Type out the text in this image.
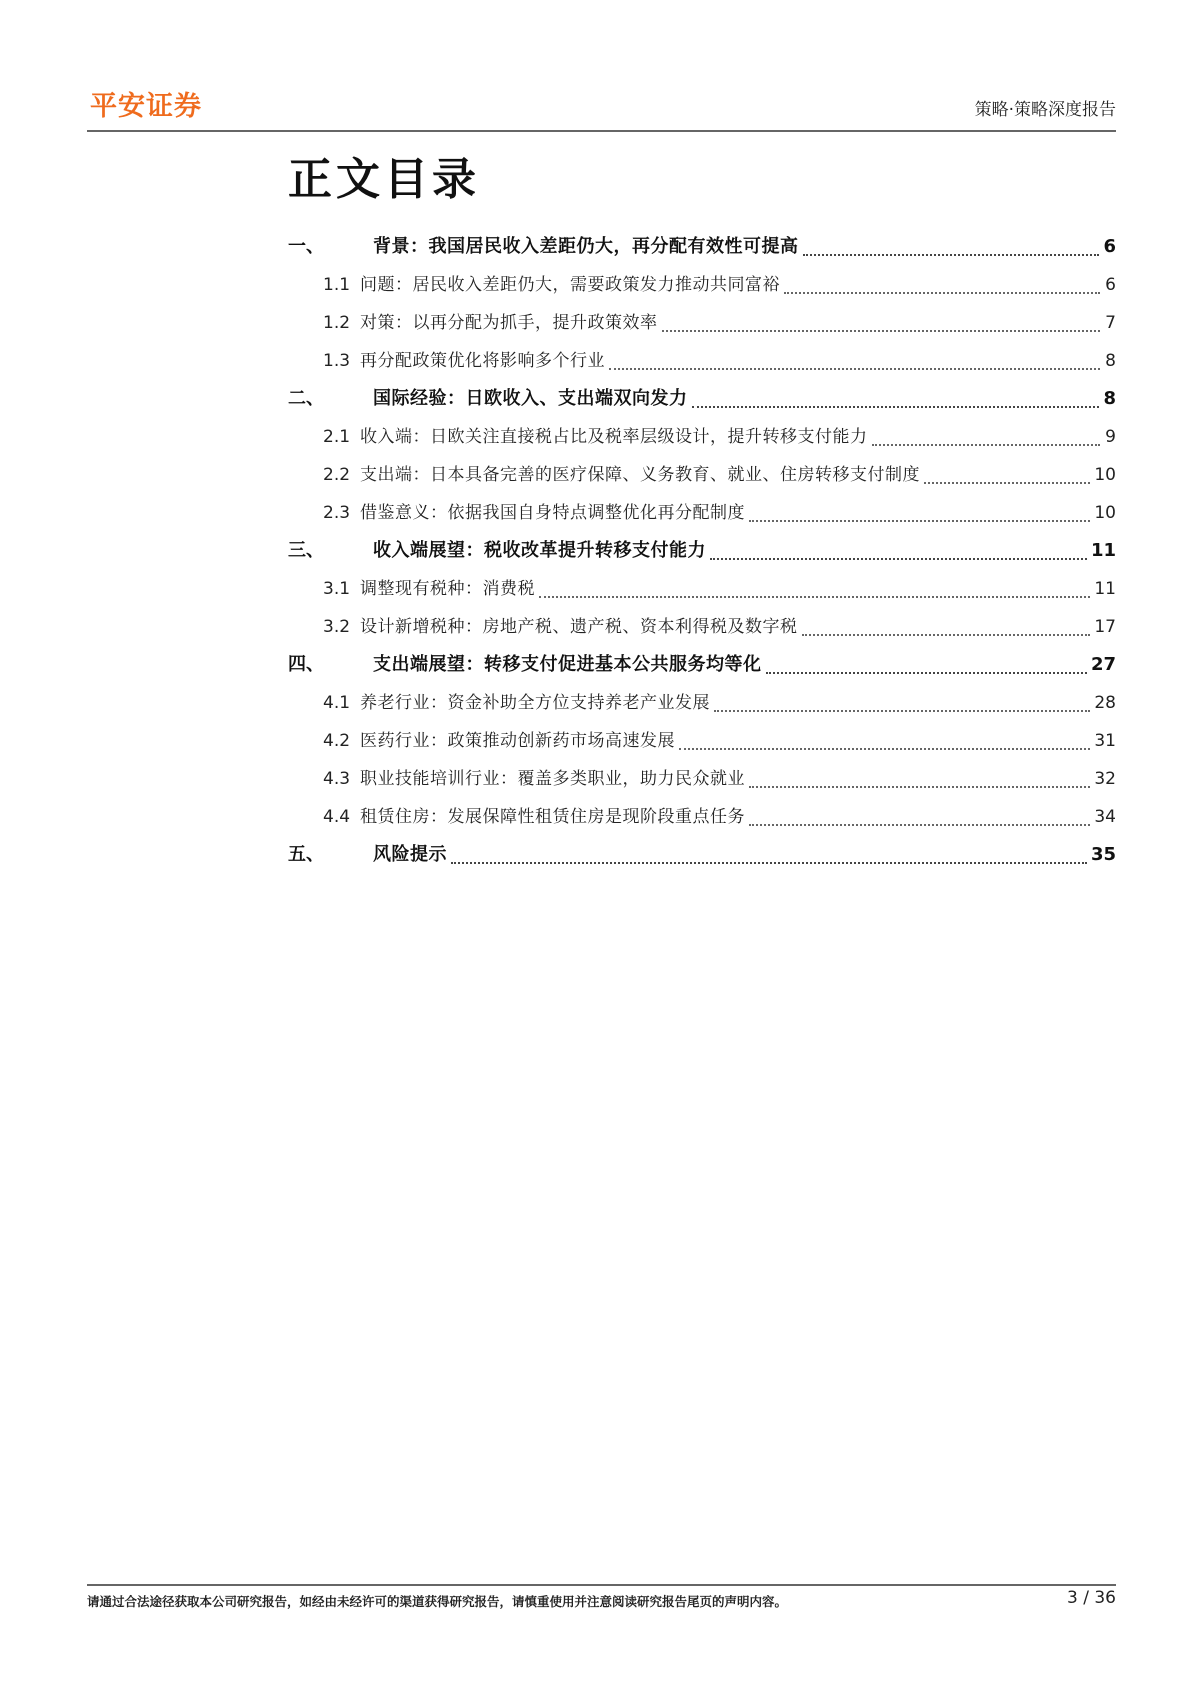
平安证券	策略·策略深度报告
正文目录
一、	背景：我国居民收入差距仍大，再分配有效性可提高	6
1.1 问题：居民收入差距仍大，需要政策发力推动共同富裕	6
1.2 对策：以再分配为抓手，提升政策效率	7
1.3 再分配政策优化将影响多个行业	8
二、	国际经验：日欧收入、支出端双向发力	8
2.1 收入端：日欧关注直接税占比及税率层级设计，提升转移支付能力	9
2.2 支出端：日本具备完善的医疗保障、义务教育、就业、住房转移支付制度	10
2.3 借鉴意义：依据我国自身特点调整优化再分配制度	10
三、	收入端展望：税收改革提升转移支付能力	11
3.1 调整现有税种：消费税	11
3.2 设计新增税种：房地产税、遗产税、资本利得税及数字税	17
四、	支出端展望：转移支付促进基本公共服务均等化	27
4.1 养老行业：资金补助全方位支持养老产业发展	28
4.2 医药行业：政策推动创新药市场高速发展	31
4.3 职业技能培训行业：覆盖多类职业，助力民众就业	32
4.4 租赁住房：发展保障性租赁住房是现阶段重点任务	34
五、	风险提示	35
请通过合法途径获取本公司研究报告，如经由未经许可的渠道获得研究报告，请慎重使用并注意阅读研究报告尾页的声明内容。	3 / 36
